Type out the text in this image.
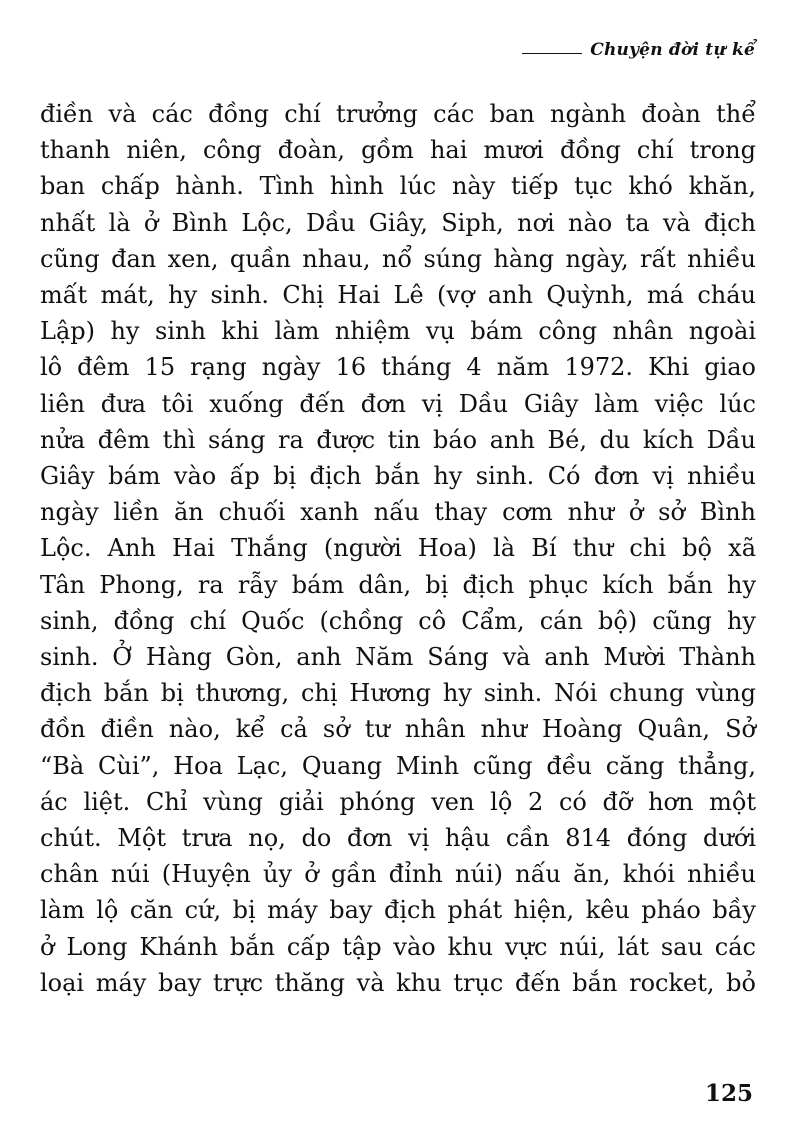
Chuyện đời tự kể
điền và các đồng chí trưởng các ban ngành đoàn thể
thanh niên, công đoàn, gồm hai mươi đồng chí trong
ban chấp hành. Tình hình lúc này tiếp tục khó khăn,
nhất là ở Bình Lộc, Dầu Giây, Siph, nơi nào ta và địch
cũng đan xen, quần nhau, nổ súng hàng ngày, rất nhiều
mất mát, hy sinh. Chị Hai Lê (vợ anh Quỳnh, má cháu
Lập) hy sinh khi làm nhiệm vụ bám công nhân ngoài
lô đêm 15 rạng ngày 16 tháng 4 năm 1972. Khi giao
liên đưa tôi xuống đến đơn vị Dầu Giây làm việc lúc
nửa đêm thì sáng ra được tin báo anh Bé, du kích Dầu
Giây bám vào ấp bị địch bắn hy sinh. Có đơn vị nhiều
ngày liền ăn chuối xanh nấu thay cơm như ở sở Bình
Lộc. Anh Hai Thắng (người Hoa) là Bí thư chi bộ xã
Tân Phong, ra rẫy bám dân, bị địch phục kích bắn hy
sinh, đồng chí Quốc (chồng cô Cẩm, cán bộ) cũng hy
sinh. Ở Hàng Gòn, anh Năm Sáng và anh Mười Thành
địch bắn bị thương, chị Hương hy sinh. Nói chung vùng
đồn điền nào, kể cả sở tư nhân như Hoàng Quân, Sở
“Bà Cùi”, Hoa Lạc, Quang Minh cũng đều căng thẳng,
ác liệt. Chỉ vùng giải phóng ven lộ 2 có đỡ hơn một
chút. Một trưa nọ, do đơn vị hậu cần 814 đóng dưới
chân núi (Huyện ủy ở gần đỉnh núi) nấu ăn, khói nhiều
làm lộ căn cứ, bị máy bay địch phát hiện, kêu pháo bầy
ở Long Khánh bắn cấp tập vào khu vực núi, lát sau các
loại máy bay trực thăng và khu trục đến bắn rocket, bỏ
125
